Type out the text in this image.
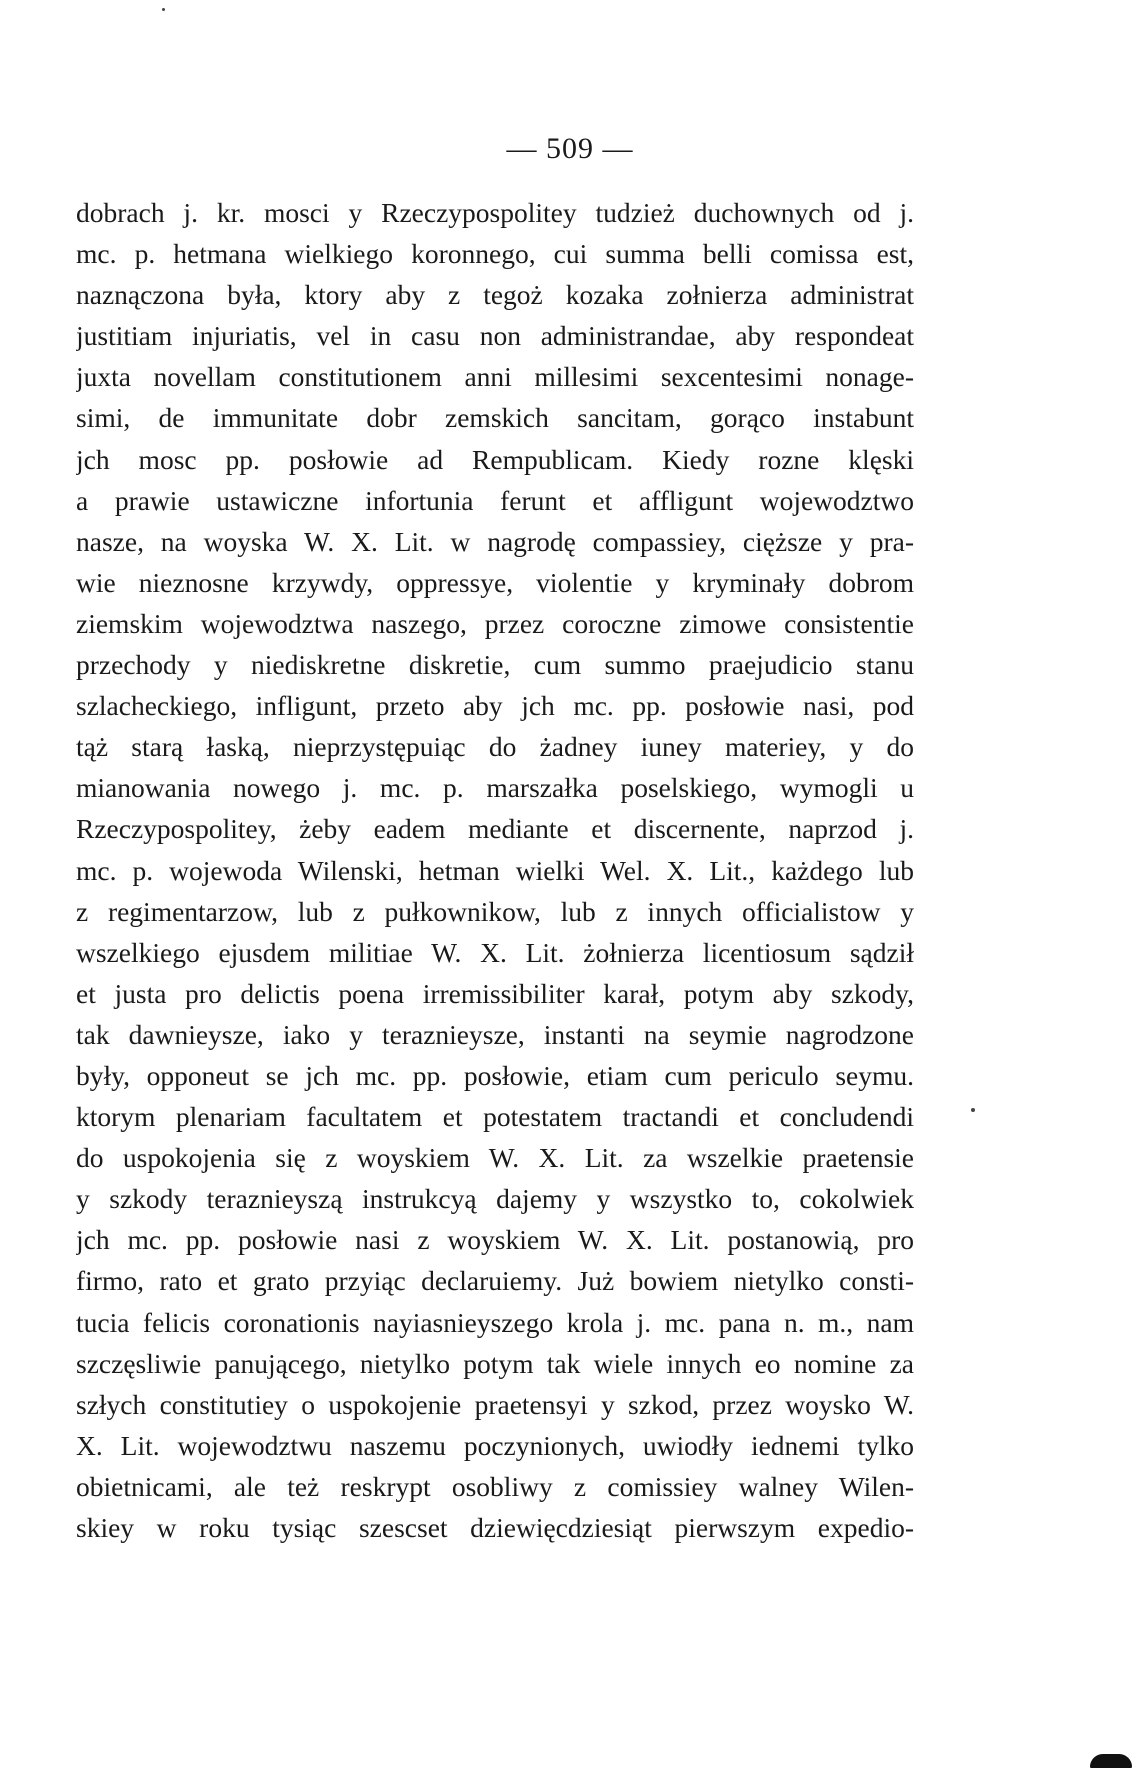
— 509 —
dobrach j. kr. mosci y Rzeczypospolitey tudzież duchownych od j.
mc. p. hetmana wielkiego koronnego, cui summa belli comissa est,
naznączona była, ktory aby z tegoż kozaka zołnierza administrat
justitiam injuriatis, vel in casu non administrandae, aby respondeat
juxta novellam constitutionem anni millesimi sexcentesimi nonage-
simi, de immunitate dobr zemskich sancitam, gorąco instabunt
jch mosc pp. posłowie ad Rempublicam. Kiedy rozne klęski
a prawie ustawiczne infortunia ferunt et affligunt wojewodztwo
nasze, na woyska W. X. Lit. w nagrodę compassiey, cięższe y pra-
wie nieznosne krzywdy, oppressye, violentie y kryminały dobrom
ziemskim wojewodztwa naszego, przez coroczne zimowe consistentie
przechody y niediskretne diskretie, cum summo praejudicio stanu
szlacheckiego, infligunt, przeto aby jch mc. pp. posłowie nasi, pod
tąż starą łaską, nieprzystępuiąc do żadney iuney materiey, y do
mianowania nowego j. mc. p. marszałka poselskiego, wymogli u
Rzeczypospolitey, żeby eadem mediante et discernente, naprzod j.
mc. p. wojewoda Wilenski, hetman wielki Wel. X. Lit., każdego lub
z regimentarzow, lub z pułkownikow, lub z innych officialistow y
wszelkiego ejusdem militiae W. X. Lit. żołnierza licentiosum sądził
et justa pro delictis poena irremissibiliter karał, potym aby szkody,
tak dawnieysze, iako y teraznieysze, instanti na seymie nagrodzone
były, opponeut se jch mc. pp. posłowie, etiam cum periculo seymu.
ktorym plenariam facultatem et potestatem tractandi et concludendi
do uspokojenia się z woyskiem W. X. Lit. za wszelkie praetensie
y szkody teraznieyszą instrukcyą dajemy y wszystko to, cokolwiek
jch mc. pp. posłowie nasi z woyskiem W. X. Lit. postanowią, pro
firmo, rato et grato przyiąc declaruiemy. Już bowiem nietylko consti-
tucia felicis coronationis nayiasnieyszego krola j. mc. pana n. m., nam
szczęsliwie panującego, nietylko potym tak wiele innych eo nomine za
szłych constitutiey o uspokojenie praetensyi y szkod, przez woysko W.
X. Lit. wojewodztwu naszemu poczynionych, uwiodły iednemi tylko
obietnicami, ale też reskrypt osobliwy z comissiey walney Wilen-
skiey w roku tysiąc szescset dziewięcdziesiąt pierwszym expedio-
